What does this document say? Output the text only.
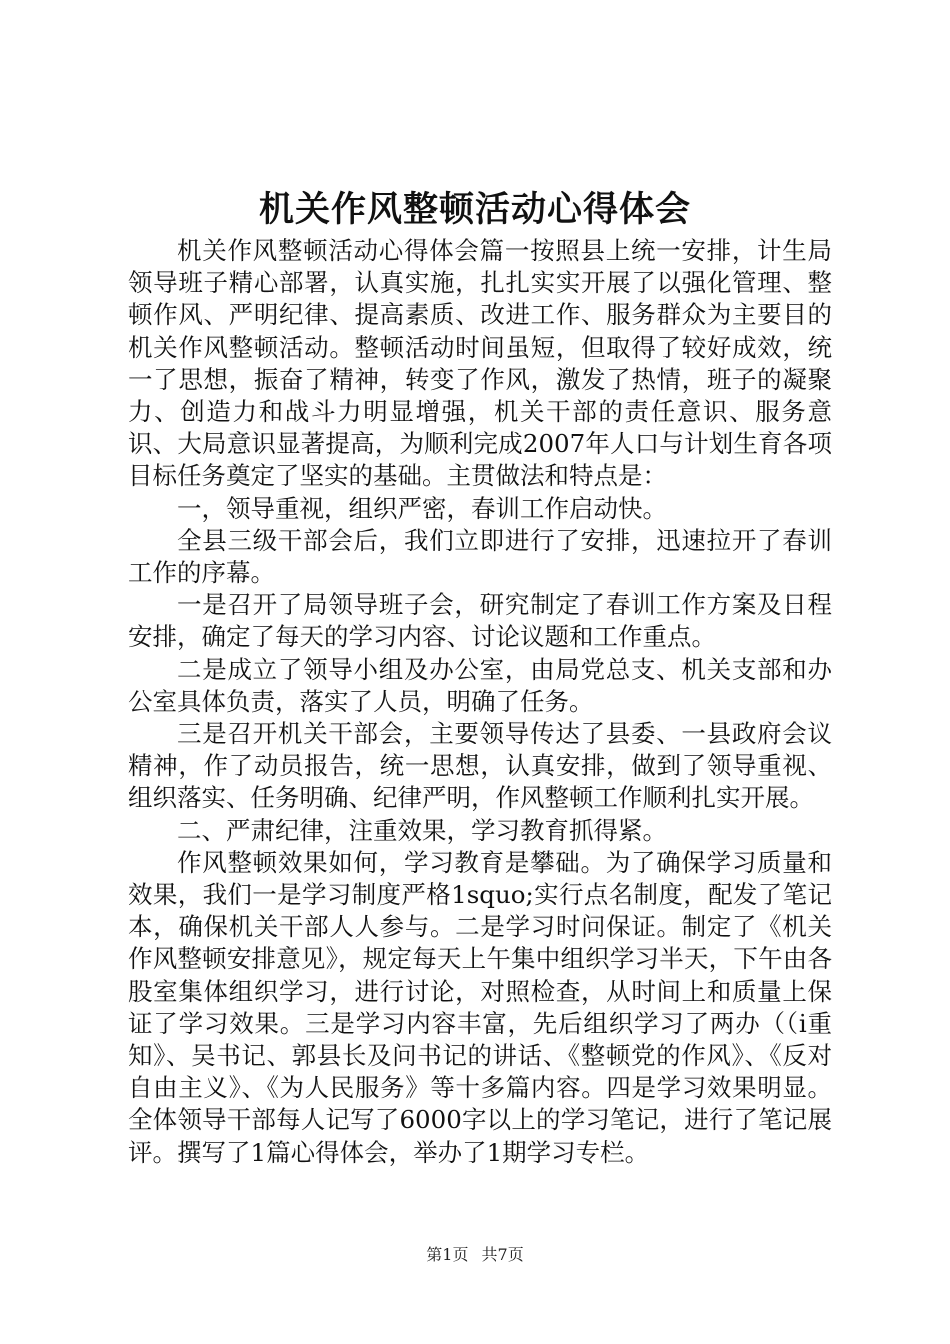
机关作风整顿活动心得体会

机关作风整顿活动心得体会篇一按照县上统一安排，计生局领导班子精心部署，认真实施，扎扎实实开展了以强化管理、整顿作风、严明纪律、提高素质、改进工作、服务群众为主要目的机关作风整顿活动。整顿活动时间虽短，但取得了较好成效，统一了思想，振奋了精神，转变了作风，激发了热情，班子的凝聚力、创造力和战斗力明显增强，机关干部的责任意识、服务意识、大局意识显著提高，为顺利完成2007年人口与计划生育各项目标任务奠定了坚实的基础。主贯做法和特点是：

一，领导重视，组织严密，春训工作启动快。

全县三级干部会后，我们立即进行了安排，迅速拉开了春训工作的序幕。

一是召开了局领导班子会，研究制定了春训工作方案及日程安排，确定了每天的学习内容、讨论议题和工作重点。

二是成立了领导小组及办公室，由局党总支、机关支部和办公室具体负责，落实了人员，明确了任务。

三是召开机关干部会，主要领导传达了县委、一县政府会议精神，作了动员报告，统一思想，认真安排，做到了领导重视、组织落实、任务明确、纪律严明，作风整顿工作顺利扎实开展。

二、严肃纪律，注重效果，学习教育抓得紧。

作风整顿效果如何，学习教育是攀础。为了确保学习质量和效果，我们一是学习制度严格1squo;实行点名制度，配发了笔记本，确保机关干部人人参与。二是学习时问保证。制定了《机关作风整顿安排意见》，规定每天上午集中组织学习半天，下午由各股室集体组织学习，进行讨论，对照检查，从时间上和质量上保证了学习效果。三是学习内容丰富，先后组织学习了两办（（i重知》、吴书记、郭县长及问书记的讲话、《整顿党的作风》、《反对自由主义》、《为人民服务》等十多篇内容。四是学习效果明显。全体领导干部每人记写了6000字以上的学习笔记，进行了笔记展评。撰写了1篇心得体会，举办了1期学习专栏。

第1页 共7页
